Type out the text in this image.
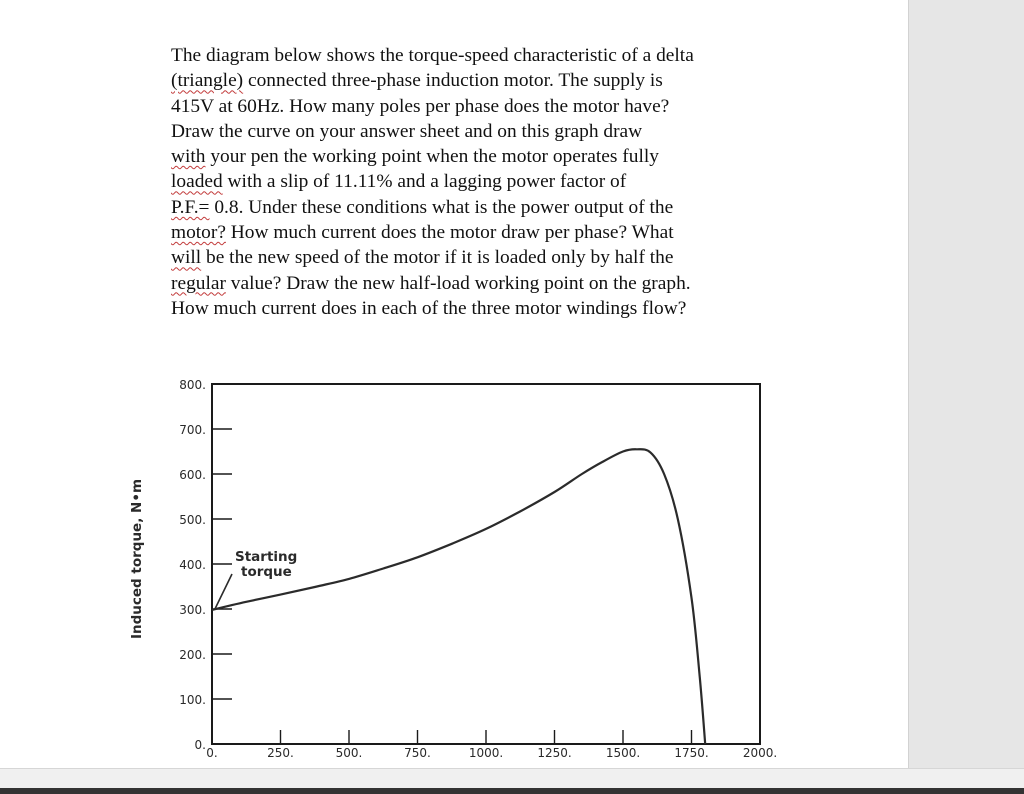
The diagram below shows the torque-speed characteristic of a delta
(triangle) connected three-phase induction motor. The supply is
415V at 60Hz. How many poles per phase does the motor have?
Draw the curve on your answer sheet and on this graph draw
with your pen the working point when the motor operates fully
loaded with a slip of 11.11% and a lagging power factor of
P.F.= 0.8. Under these conditions what is the power output of the
motor? How much current does the motor draw per phase? What
will be the new speed of the motor if it is loaded only by half the
regular value? Draw the new half-load working point on the graph.
How much current does in each of the three motor windings flow?
0.
100.
200.
300.
400.
500.
600.
700.
800.
0.	250.	500.	750.	1000.	1250.	1500.	1750.	2000.
Induced torque, N•m	Starting
torque
